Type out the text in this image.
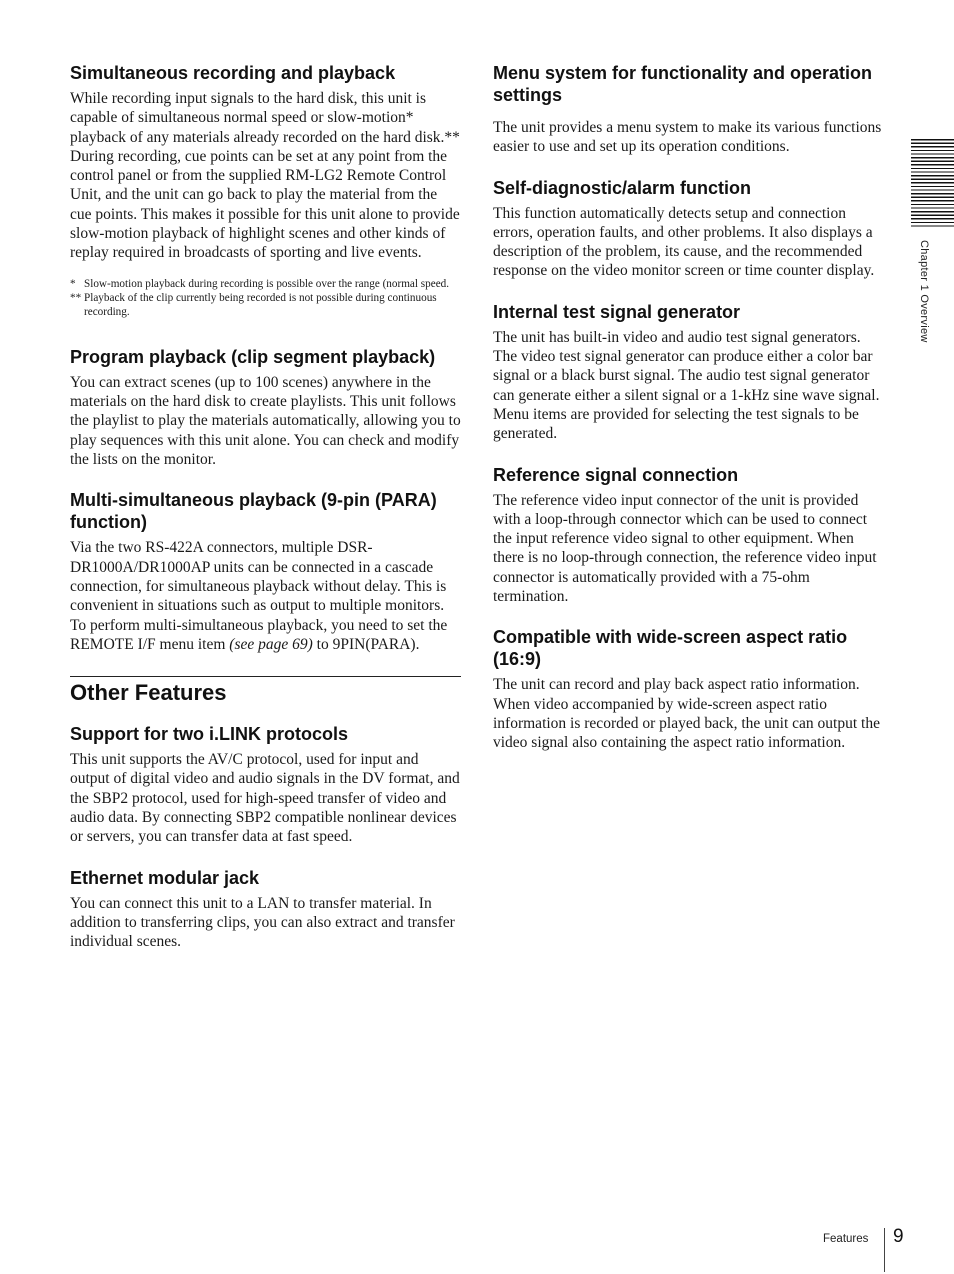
Simultaneous recording and playback

While recording input signals to the hard disk, this unit is capable of simultaneous normal speed or slow-motion* playback of any materials already recorded on the hard disk.** During recording, cue points can be set at any point from the control panel or from the supplied RM-LG2 Remote Control Unit, and the unit can go back to play the material from the cue points. This makes it possible for this unit alone to provide slow-motion playback of highlight scenes and other kinds of replay required in broadcasts of sporting and live events.

* Slow-motion playback during recording is possible over the range (normal speed.
** Playback of the clip currently being recorded is not possible during continuous recording.
Program playback (clip segment playback)

You can extract scenes (up to 100 scenes) anywhere in the materials on the hard disk to create playlists. This unit follows the playlist to play the materials automatically, allowing you to play sequences with this unit alone. You can check and modify the lists on the monitor.

Multi-simultaneous playback (9-pin (PARA) function)

Via the two RS-422A connectors, multiple DSR-DR1000A/DR1000AP units can be connected in a cascade connection, for simultaneous playback without delay. This is convenient in situations such as output to multiple monitors. To perform multi-simultaneous playback, you need to set the REMOTE I/F menu item (see page 69) to 9PIN(PARA).

Other Features
Support for two i.LINK protocols

This unit supports the AV/C protocol, used for input and output of digital video and audio signals in the DV format, and the SBP2 protocol, used for high-speed transfer of video and audio data. By connecting SBP2 compatible nonlinear devices or servers, you can transfer data at fast speed.

Ethernet modular jack

You can connect this unit to a LAN to transfer material. In addition to transferring clips, you can also extract and transfer individual scenes.

Menu system for functionality and operation settings

The unit provides a menu system to make its various functions easier to use and set up its operation conditions.

Self-diagnostic/alarm function

This function automatically detects setup and connection errors, operation faults, and other problems. It also displays a description of the problem, its cause, and the recommended response on the video monitor screen or time counter display.

Internal test signal generator

The unit has built-in video and audio test signal generators. The video test signal generator can produce either a color bar signal or a black burst signal. The audio test signal generator can generate either a silent signal or a 1-kHz sine wave signal. Menu items are provided for selecting the test signals to be generated.

Reference signal connection

The reference video input connector of the unit is provided with a loop-through connector which can be used to connect the input reference video signal to other equipment. When there is no loop-through connection, the reference video input connector is automatically provided with a 75-ohm termination.

Compatible with wide-screen aspect ratio (16:9)

The unit can record and play back aspect ratio information. When video accompanied by wide-screen aspect ratio information is recorded or played back, the unit can output the video signal also containing the aspect ratio information.

Chapter 1 Overview
Features 9
